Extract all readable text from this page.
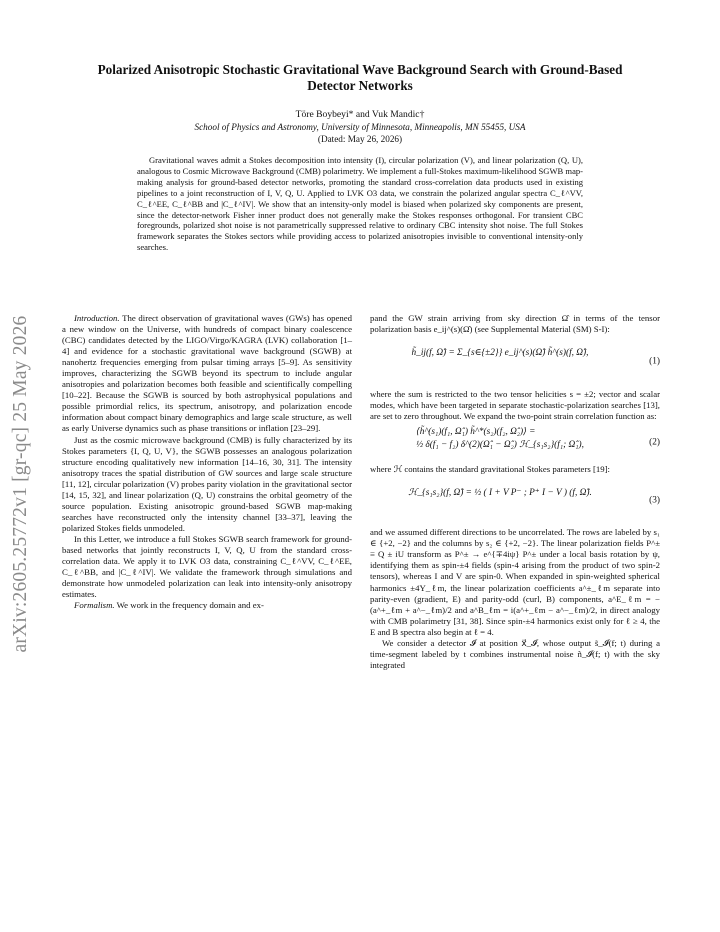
arXiv:2605.25772v1 [gr-qc] 25 May 2026
Polarized Anisotropic Stochastic Gravitational Wave Background Search with Ground-Based Detector Networks
Töre Boybeyi* and Vuk Mandic†
School of Physics and Astronomy, University of Minnesota, Minneapolis, MN 55455, USA
(Dated: May 26, 2026)

Gravitational waves admit a Stokes decomposition into intensity (I), circular polarization (V), and linear polarization (Q, U), analogous to Cosmic Microwave Background (CMB) polarimetry. We implement a full-Stokes maximum-likelihood SGWB map-making analysis for ground-based detector networks, promoting the standard cross-correlation data products used in existing pipelines to a joint reconstruction of I, V, Q, U. Applied to LVK O3 data, we constrain the polarized angular spectra C_ℓ^VV, C_ℓ^EE, C_ℓ^BB and |C_ℓ^IV|. We show that an intensity-only model is biased when polarized sky components are present, since the detector-network Fisher inner product does not generally make the Stokes responses orthogonal. For transient CBC foregrounds, polarized shot noise is not parametrically suppressed relative to ordinary CBC intensity shot noise. The full Stokes framework separates the Stokes sectors while providing access to polarized anisotropies invisible to conventional intensity-only searches.

Introduction. The direct observation of gravitational waves (GWs) has opened a new window on the Universe, with hundreds of compact binary coalescence (CBC) candidates detected by the LIGO/Virgo/KAGRA (LVK) collaboration [1–4] and evidence for a stochastic gravitational wave background (SGWB) at nanohertz frequencies emerging from pulsar timing arrays [5–9]. As sensitivity improves, characterizing the SGWB beyond its spectrum to include angular anisotropies and polarization becomes both feasible and scientifically compelling [10–22]. Because the SGWB is sourced by both astrophysical populations and possible primordial relics, its spectrum, anisotropy, and polarization encode information about compact binary demographics and large scale structure, as well as early Universe dynamics such as phase transitions or inflation [23–29].

Just as the cosmic microwave background (CMB) is fully characterized by its Stokes parameters {I, Q, U, V}, the SGWB possesses an analogous polarization structure encoding qualitatively new information [14–16, 30, 31]. The intensity anisotropy traces the spatial distribution of GW sources and large scale structure [11, 12], circular polarization (V) probes parity violation in the gravitational sector [14, 15, 32], and linear polarization (Q, U) constrains the orbital geometry of the source population. Existing anisotropic ground-based SGWB map-making searches have reconstructed only the intensity channel [33–37], leaving the polarized Stokes fields unmodeled.

In this Letter, we introduce a full Stokes SGWB search framework for ground-based networks that jointly reconstructs I, V, Q, U from the standard cross-correlation data. We apply it to LVK O3 data, constraining C_ℓ^VV, C_ℓ^EE, C_ℓ^BB, and |C_ℓ^IV|. We validate the framework through simulations and demonstrate how unmodeled polarization can leak into intensity-only anisotropy estimates.

Formalism. We work in the frequency domain and ex-

pand the GW strain arriving from sky direction Ω̂ in terms of the tensor polarization basis e_ij^(s)(Ω̂) (see Supplemental Material (SM) S-I):

h̃_ij(f, Ω̂) = Σ_{s∈{±2}} e_ij^(s)(Ω̂) h̃^(s)(f, Ω̂),
(1)

where the sum is restricted to the two tensor helicities s = ±2; vector and scalar modes, which have been targeted in separate stochastic-polarization searches [13], are set to zero throughout. We expand the two-point strain correlation function as:

⟨h̃^(s₁)(f₁, Ω̂₁) h̃^*(s₂)(f₂, Ω̂₂)⟩ =
½ δ(f₁ − f₂) δ^(2)(Ω̂₁ − Ω̂₂) ℋ_{s₁s₂}(f₁; Ω̂₁),	(2)

where ℋ contains the standard gravitational Stokes parameters [19]:

ℋ_{s₁s₂}(f, Ω̂) = ½ ( I + V P⁻ ; P⁺ I − V ) (f, Ω̂).
(3)

and we assumed different directions to be uncorrelated. The rows are labeled by s₁ ∈ {+2, −2} and the columns by s₂ ∈ {+2, −2}. The linear polarization fields P^± ≡ Q ± iU transform as P^± → e^{∓4iψ} P^± under a local basis rotation by ψ, identifying them as spin-±4 fields (spin-4 arising from the product of two spin-2 tensors), whereas I and V are spin-0. When expanded in spin-weighted spherical harmonics ±4Y_ℓm, the linear polarization coefficients a^±_ℓm separate into parity-even (gradient, E) and parity-odd (curl, B) components, a^E_ℓm = −(a^+_ℓm + a^−_ℓm)/2 and a^B_ℓm = i(a^+_ℓm − a^−_ℓm)/2, in direct analogy with CMB polarimetry [31, 38]. Since spin-±4 harmonics exist only for ℓ ≥ 4, the E and B spectra also begin at ℓ = 4.

We consider a detector 𝓘 at position x⃗_𝓘, whose output s̃_𝓘(f; t) during a time-segment labeled by t combines instrumental noise ñ_𝓘(f; t) with the sky integrated
